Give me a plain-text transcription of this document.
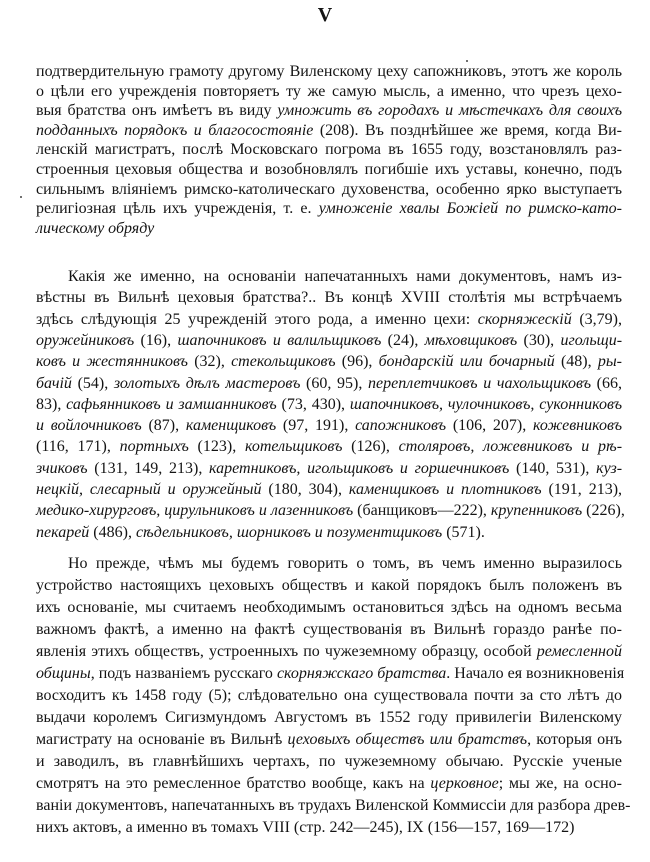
V
подтвердительную грамоту другому Виленскому цеху сапожниковъ, этотъ же король
о цѣли его учрежденія повторяетъ ту же самую мысль, а именно, что чрезъ цехо-
выя братства онъ имѣетъ въ виду умножить въ городахъ и мѣстечкахъ для своихъ
подданныхъ порядокъ и благосостояніе (208). Въ позднѣйшее же время, когда Ви-
ленскій магистратъ, послѣ Московскаго погрома въ 1655 году, возстановлялъ раз-
строенныя цеховыя общества и возобновлялъ погибшіе ихъ уставы, конечно, подъ
сильнымъ вліяніемъ римско-католическаго духовенства, особенно ярко выступаетъ
религіозная цѣль ихъ учрежденія, т. е. умноженіе хвалы Божіей по римско-като-
лическому обряду
Какія же именно, на основаніи напечатанныхъ нами документовъ, намъ из-
вѣстны въ Вильнѣ цеховыя братства?.. Въ концѣ XVIII столѣтія мы встрѣчаемъ
здѣсь слѣдующія 25 учрежденій этого рода, а именно цехи: скорняжескій (3,79),
оружейниковъ (16), шапочниковъ и валильщиковъ (24), мѣховщиковъ (30), игольщи-
ковъ и жестянниковъ (32), стекольщиковъ (96), бондарскій или бочарный (48), ры-
бачій (54), золотыхъ дѣлъ мастеровъ (60, 95), переплетчиковъ и чахольщиковъ (66,
83), сафьянниковъ и замшанниковъ (73, 430), шапочниковъ, чулочниковъ, суконниковъ
и войлочниковъ (87), каменщиковъ (97, 191), сапожниковъ (106, 207), кожевниковъ
(116, 171), портныхъ (123), котельщиковъ (126), столяровъ, ложевниковъ и рѣ-
зчиковъ (131, 149, 213), каретниковъ, игольщиковъ и горшечниковъ (140, 531), куз-
нецкій, слесарный и оружейный (180, 304), каменщиковъ и плотниковъ (191, 213),
медико-хирурговъ, цирульниковъ и лазенниковъ (банщиковъ—222), крупенниковъ (226),
пекарей (486), сѣдельниковъ, шорниковъ и позументщиковъ (571).
Но прежде, чѣмъ мы будемъ говорить о томъ, въ чемъ именно выразилось
устройство настоящихъ цеховыхъ обществъ и какой порядокъ былъ положенъ въ
ихъ основаніе, мы считаемъ необходимымъ остановиться здѣсь на одномъ весьма
важномъ фактѣ, а именно на фактѣ существованія въ Вильнѣ гораздо ранѣе по-
явленія этихъ обществъ, устроенныхъ по чужеземному образцу, особой ремесленной
общины, подъ названіемъ русскаго скорняжскаго братства. Начало ея возникновенія
восходитъ къ 1458 году (5); слѣдовательно она существовала почти за сто лѣтъ до
выдачи королемъ Сигизмундомъ Августомъ въ 1552 году привилегіи Виленскому
магистрату на основаніе въ Вильнѣ цеховыхъ обществъ или братствъ, которыя онъ
и заводилъ, въ главнѣйшихъ чертахъ, по чужеземному обычаю. Русскіе ученые
смотрятъ на это ремесленное братство вообще, какъ на церковное; мы же, на осно-
ваніи документовъ, напечатанныхъ въ трудахъ Виленской Коммиссіи для разбора древ-
нихъ актовъ, а именно въ томахъ VIII (стр. 242—245), IX (156—157, 169—172)
